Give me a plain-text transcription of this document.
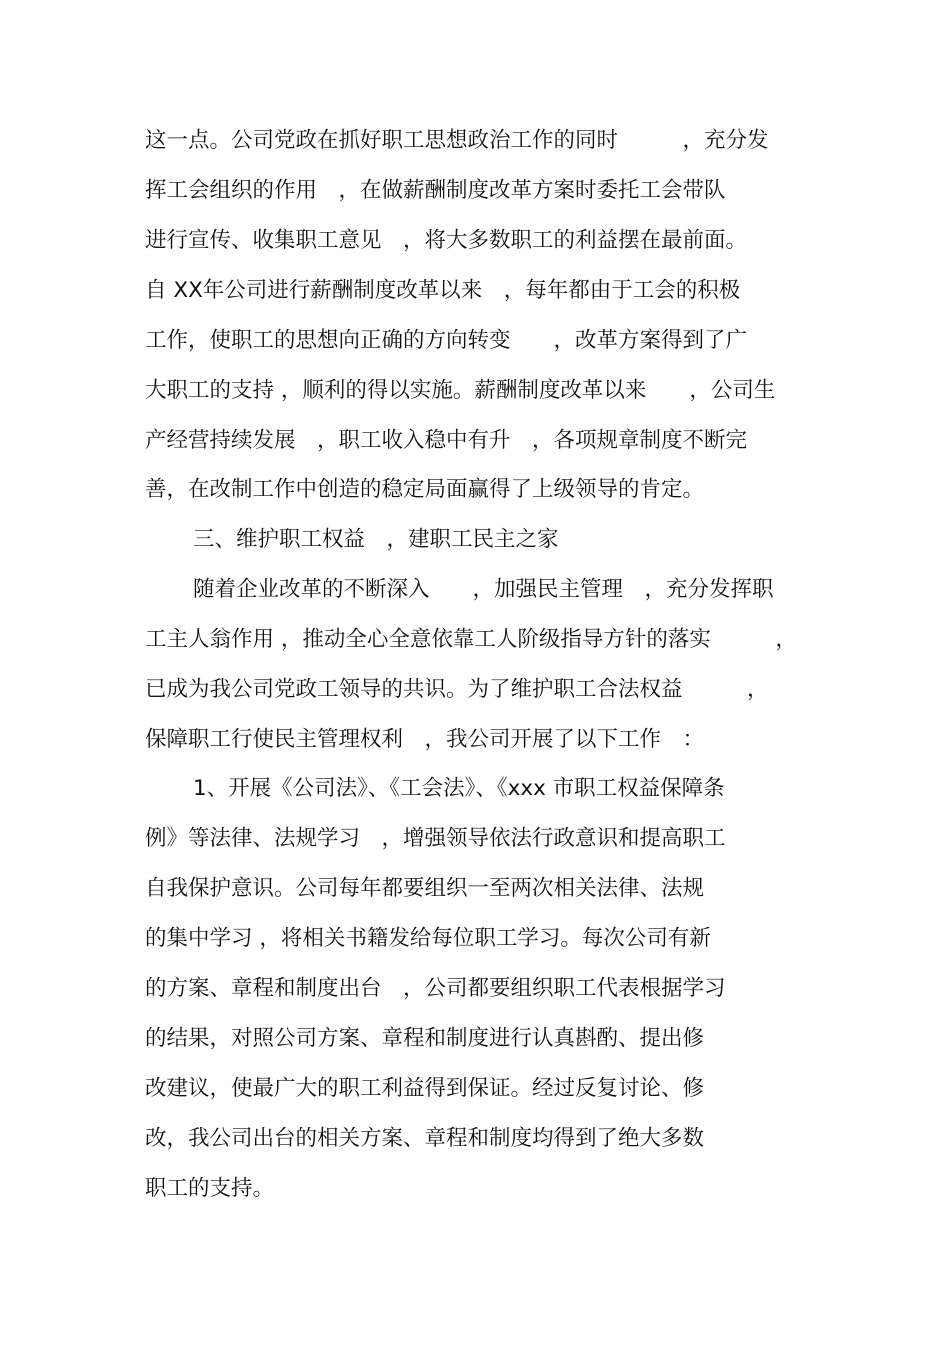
这一点。公司党政在抓好职工思想政治工作的同时　　　，充分发

挥工会组织的作用　，在做薪酬制度改革方案时委托工会带队

进行宣传、收集职工意见　，将大多数职工的利益摆在最前面。

自 XX年公司进行薪酬制度改革以来　，每年都由于工会的积极

工作，使职工的思想向正确的方向转变　　，改革方案得到了广

大职工的支持 ，顺利的得以实施。薪酬制度改革以来　　，公司生

产经营持续发展　，职工收入稳中有升　，各项规章制度不断完

善，在改制工作中创造的稳定局面赢得了上级领导的肯定。

三、维护职工权益　，建职工民主之家

随着企业改革的不断深入　　，加强民主管理　，充分发挥职

工主人翁作用 ，推动全心全意依靠工人阶级指导方针的落实　　　，

已成为我公司党政工领导的共识。为了维护职工合法权益　　　，

保障职工行使民主管理权利　，我公司开展了以下工作　：

1、开展《公司法》、《工会法》、《xxx 市职工权益保障条

例》等法律、法规学习　，增强领导依法行政意识和提高职工

自我保护意识。公司每年都要组织一至两次相关法律、法规

的集中学习 ，将相关书籍发给每位职工学习。每次公司有新

的方案、章程和制度出台　，公司都要组织职工代表根据学习

的结果，对照公司方案、章程和制度进行认真斟酌、提出修

改建议，使最广大的职工利益得到保证。经过反复讨论、修

改，我公司出台的相关方案、章程和制度均得到了绝大多数

职工的支持。
